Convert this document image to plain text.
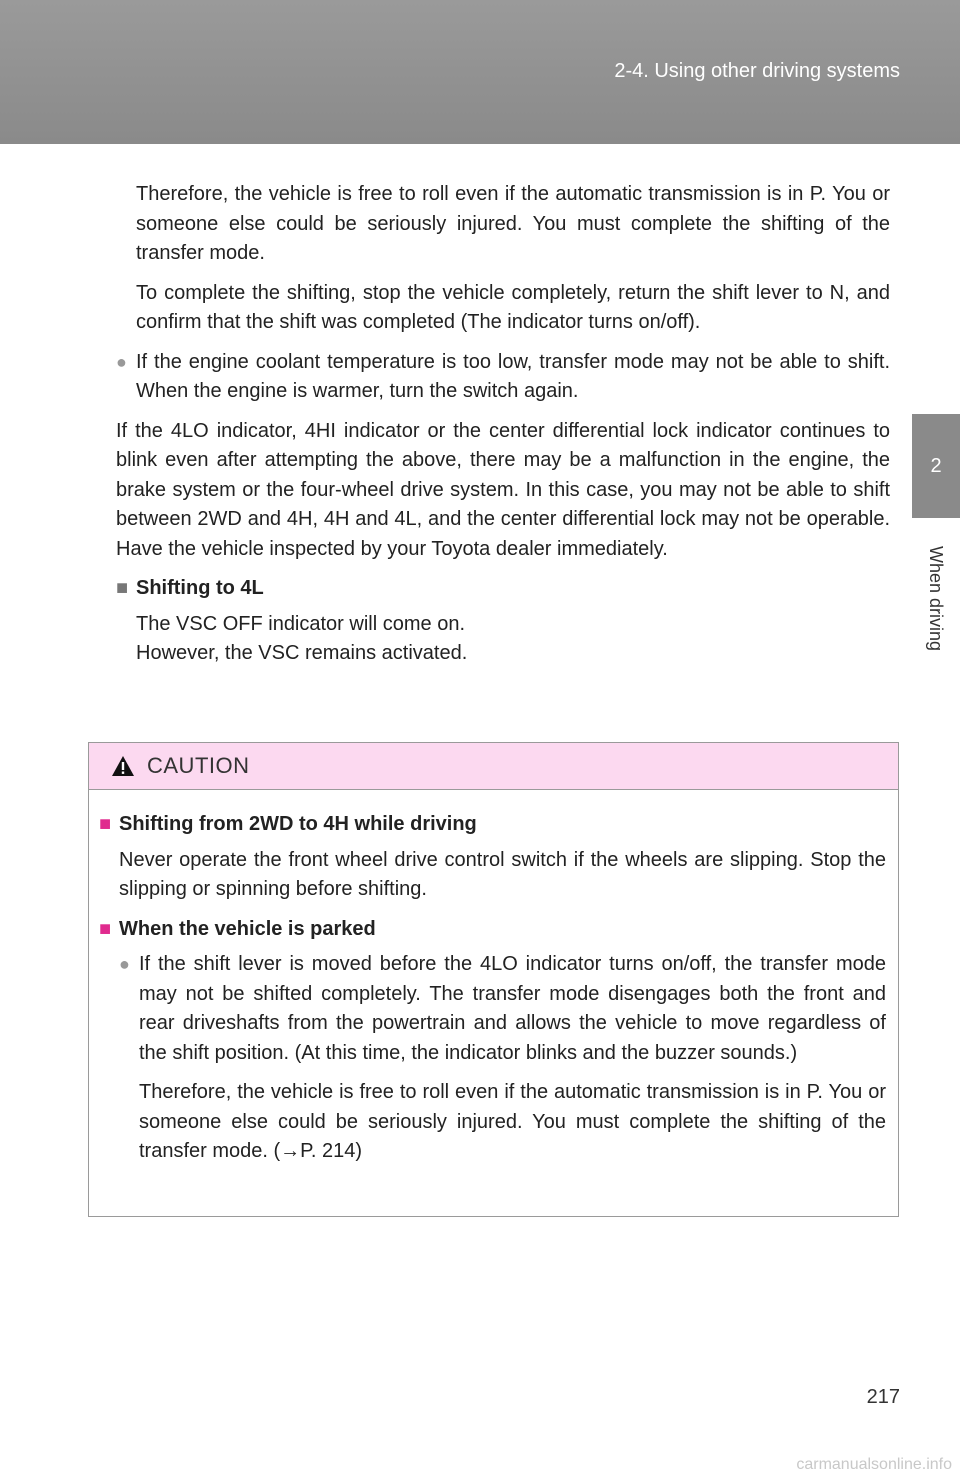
2-4. Using other driving systems
2
When driving

Therefore, the vehicle is free to roll even if the automatic transmission is in P. You or someone else could be seriously injured. You must complete the shifting of the transfer mode.

To complete the shifting, stop the vehicle completely, return the shift lever to N, and confirm that the shift was completed (The indicator turns on/off).

● If the engine coolant temperature is too low, transfer mode may not be able to shift. When the engine is warmer, turn the switch again.

If the 4LO indicator, 4HI indicator or the center differential lock indicator continues to blink even after attempting the above, there may be a malfunction in the engine, the brake system or the four-wheel drive system. In this case, you may not be able to shift between 2WD and 4H, 4H and 4L, and the center differential lock may not be operable. Have the vehicle inspected by your Toyota dealer immediately.

■ Shifting to 4L

The VSC OFF indicator will come on.

However, the VSC remains activated.

CAUTION
■ Shifting from 2WD to 4H while driving

Never operate the front wheel drive control switch if the wheels are slipping. Stop the slipping or spinning before shifting.

■ When the vehicle is parked
● If the shift lever is moved before the 4LO indicator turns on/off, the transfer mode may not be shifted completely. The transfer mode disengages both the front and rear driveshafts from the powertrain and allows the vehicle to move regardless of the shift position. (At this time, the indicator blinks and the buzzer sounds.)

Therefore, the vehicle is free to roll even if the automatic transmission is in P. You or someone else could be seriously injured. You must complete the shifting of the transfer mode. (→P. 214)

217
carmanualsonline.info
